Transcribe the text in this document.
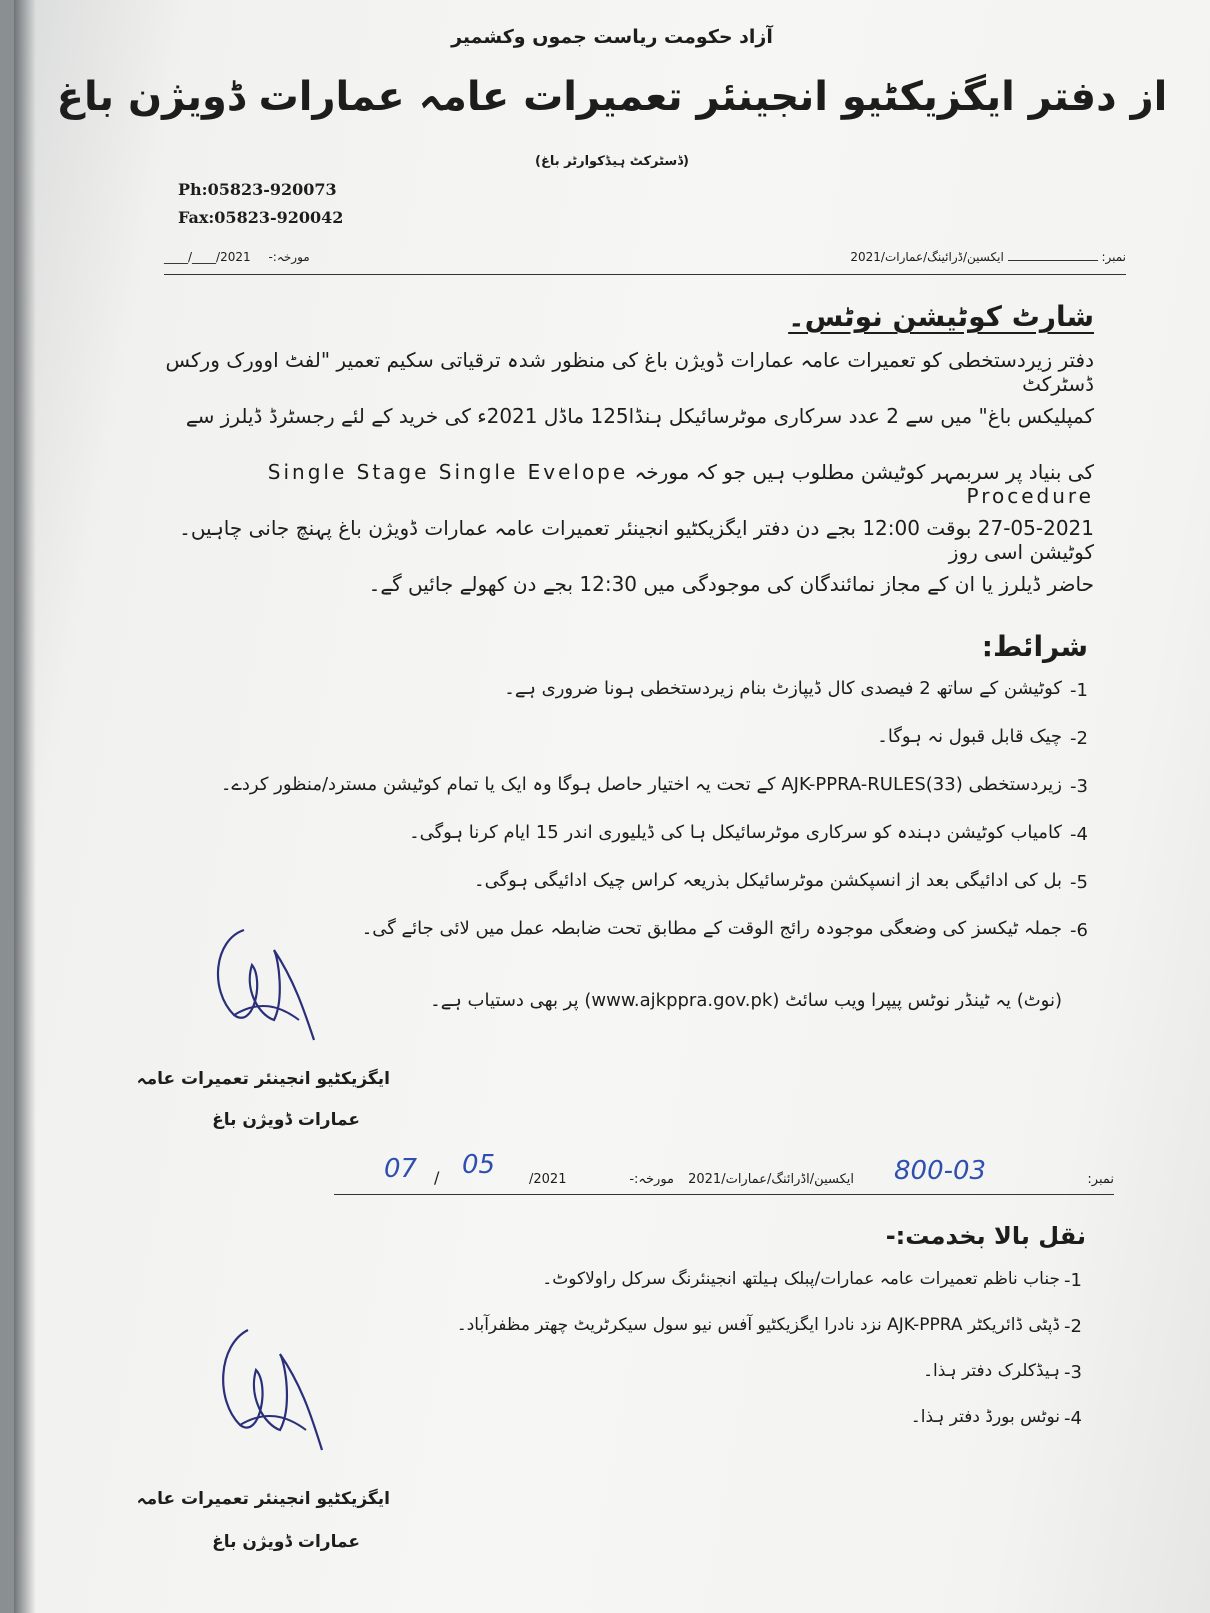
آزاد حکومت ریاست جموں وکشمیر
از دفتر ایگزیکٹیو انجینئر تعمیرات عامہ عمارات ڈویژن باغ
(ڈسٹرکٹ ہیڈکوارٹر باغ)
Ph:05823-920073
Fax:05823-920042
نمبر:  ایکسین/ڈرائینگ/عمارات/2021
____/____/2021 مورخہ:-
شارٹ کوٹیشن نوٹس۔
دفتر زیردستخطی کو تعمیرات عامہ عمارات ڈویژن باغ کی منظور شدہ ترقیاتی سکیم تعمیر "لفٹ اوورک ورکس ڈسٹرکٹ
کمپلیکس باغ" میں سے 2 عدد سرکاری موٹرسائیکل ہنڈا125 ماڈل 2021ء کی خرید کے لئے رجسٹرڈ ڈیلرز سے
کی بنیاد پر سربمہر کوٹیشن مطلوب ہیں جو کہ مورخہ Single Stage Single Evelope Procedure
27-05-2021 بوقت 12:00 بجے دن دفتر ایگزیکٹیو انجینئر تعمیرات عامہ عمارات ڈویژن باغ پہنچ جانی چاہیں۔کوٹیشن اسی روز
حاضر ڈیلرز یا ان کے مجاز نمائندگان کی موجودگی میں 12:30 بجے دن کھولے جائیں گے۔
شرائط:
کوٹیشن کے ساتھ 2 فیصدی کال ڈیپازٹ بنام زیردستخطی ہونا ضروری ہے۔ -1
چیک قابل قبول نہ ہوگا۔ -2
زیردستخطی AJK-PPRA-RULES(33) کے تحت یہ اختیار حاصل ہوگا وہ ایک یا تمام کوٹیشن مسترد/منظور کردے۔ -3
کامیاب کوٹیشن دہندہ کو سرکاری موٹرسائیکل ہا کی ڈیلیوری اندر 15 ایام کرنا ہوگی۔ -4
بل کی ادائیگی بعد از انسپکشن موٹرسائیکل بذریعہ کراس چیک ادائیگی ہوگی۔ -5
جملہ ٹیکسز کی وضعگی موجودہ رائج الوقت کے مطابق تحت ضابطہ عمل میں لائی جائے گی۔ -6
(نوٹ) یہ ٹینڈر نوٹس پیپرا ویب سائٹ (www.ajkppra.gov.pk) پر بھی دستیاب ہے۔
ایگزیکٹیو انجینئر تعمیرات عامہ
عمارات ڈویژن باغ
نمبر:
800-03
ایکسین/اڈرائنگ/عمارات/2021
مورخہ:-
07 / 05	/2021
نقل بالا بخدمت:-
جناب ناظم تعمیرات عامہ عمارات/پبلک ہیلتھ انجینئرنگ سرکل راولاکوٹ۔ -1
ڈپٹی ڈائریکٹر AJK-PPRA نزد نادرا ایگزیکٹیو آفس نیو سول سیکرٹریٹ چھتر مظفرآباد۔ -2
ہیڈکلرک دفتر ہذا۔ -3
نوٹس بورڈ دفتر ہذا۔ -4
ایگزیکٹیو انجینئر تعمیرات عامہ
عمارات ڈویژن باغ
